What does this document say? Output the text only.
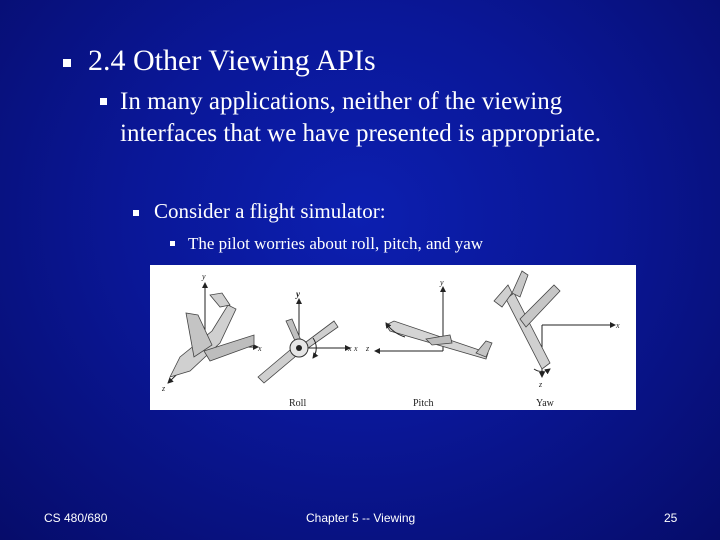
2.4 Other Viewing APIs
In many applications, neither of the viewing
interfaces that we have presented is appropriate.
Consider a flight simulator:
The pilot worries about roll, pitch, and yaw
y
x
z
y
x
y
x z
x
z
Roll	Pitch	Yaw
CS 480/680	Chapter 5 -- Viewing	25
